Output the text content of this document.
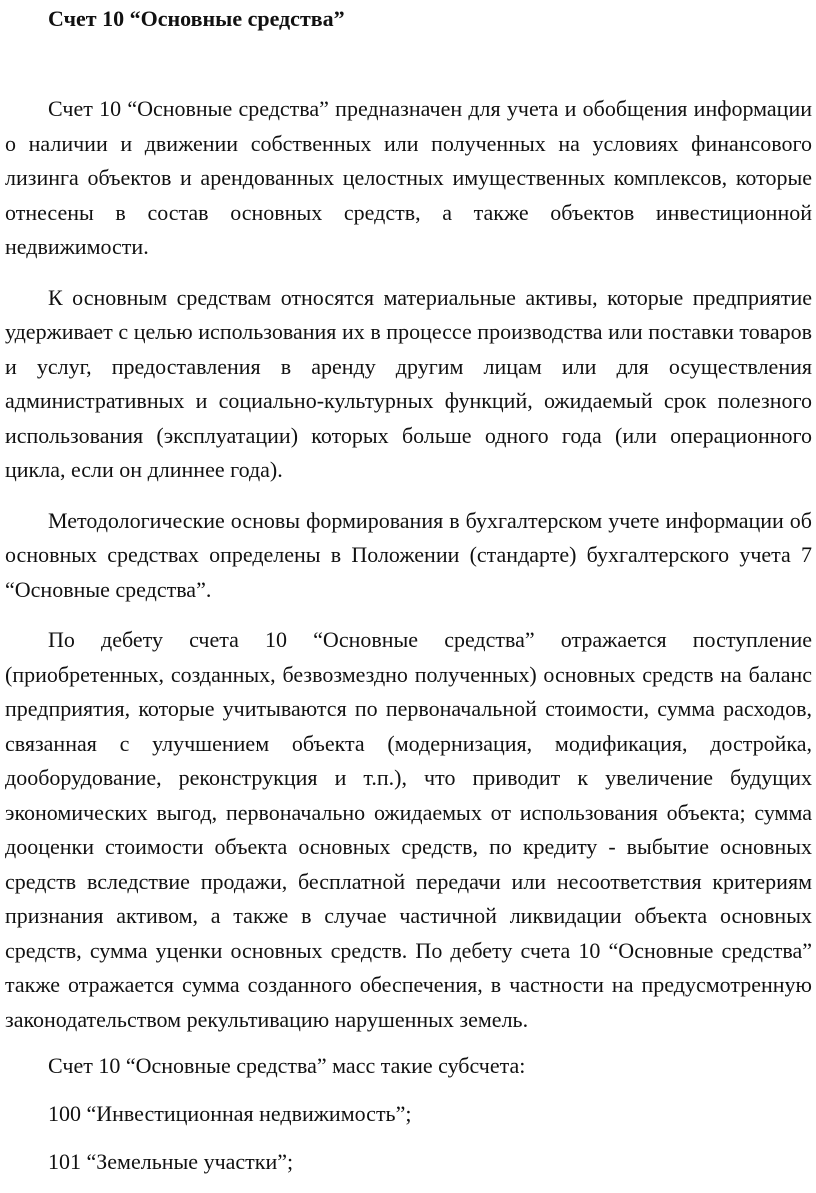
Счет 10 “Основные средства”

Счет 10 “Основные средства” предназначен для учета и обобщения информации о наличии и движении собственных или полученных на условиях финансового лизинга объектов и арендованных целостных имущественных комплексов, которые отнесены в состав основных средств, а также объектов инвестиционной недвижимости.

К основным средствам относятся материальные активы, которые предприятие удерживает с целью использования их в процессе производства или поставки товаров и услуг, предоставления в аренду другим лицам или для осуществления административных и социально-культурных функций, ожидаемый срок полезного использования (эксплуатации) которых больше одного года (или операционного цикла, если он длиннее года).

Методологические основы формирования в бухгалтерском учете информации об основных средствах определены в Положении (стандарте) бухгалтерского учета 7 “Основные средства”.

По дебету счета 10 “Основные средства” отражается поступление (приобретенных, созданных, безвозмездно полученных) основных средств на баланс предприятия, которые учитываются по первоначальной стоимости, сумма расходов, связанная с улучшением объекта (модернизация, модификация, достройка, дооборудование, реконструкция и т.п.), что приводит к увеличение будущих экономических выгод, первоначально ожидаемых от использования объекта; сумма дооценки стоимости объекта основных средств, по кредиту - выбытие основных средств вследствие продажи, бесплатной передачи или несоответствия критериям признания активом, а также в случае частичной ликвидации объекта основных средств, сумма уценки основных средств. По дебету счета 10 “Основные средства” также отражается сумма созданного обеспечения, в частности на предусмотренную законодательством рекультивацию нарушенных земель.

Счет 10 “Основные средства” масс такие субсчета:

100 “Инвестиционная недвижимость”;

101 “Земельные участки”;
